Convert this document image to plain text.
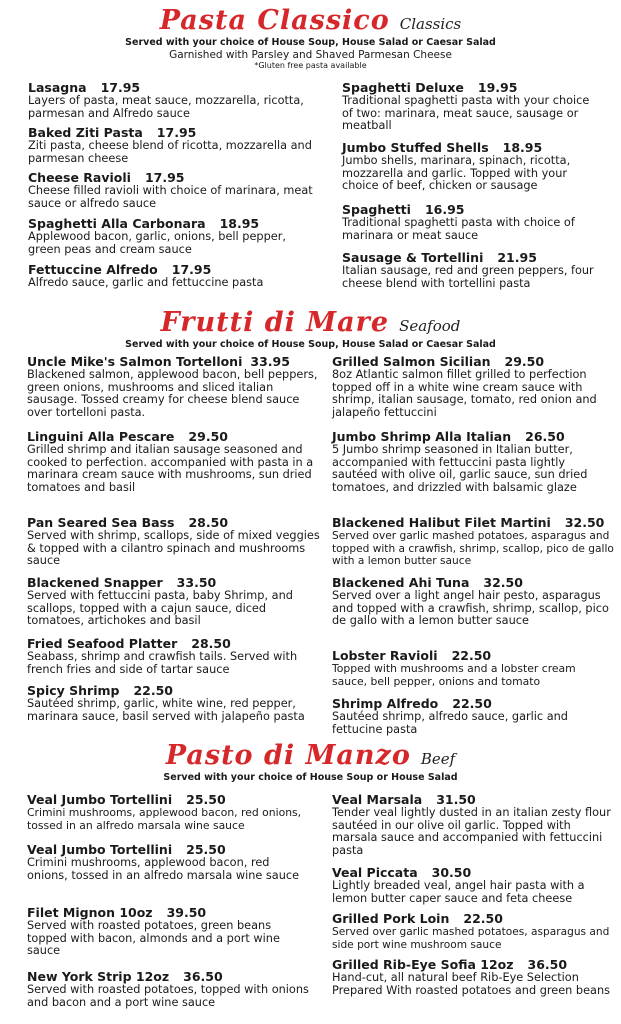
Pasta Classico Classics
Served with your choice of House Soup, House Salad or Caesar Salad
Garnished with Parsley and Shaved Parmesan Cheese
*Gluten free pasta available
Lasagna 17.95
Layers of pasta, meat sauce, mozzarella, ricotta, parmesan and Alfredo sauce
Baked Ziti Pasta 17.95
Ziti pasta, cheese blend of ricotta, mozzarella and parmesan cheese
Cheese Ravioli 17.95
Cheese filled ravioli with choice of marinara, meat sauce or alfredo sauce
Spaghetti Alla Carbonara 18.95
Applewood bacon, garlic, onions, bell pepper, green peas and cream sauce
Fettuccine Alfredo 17.95
Alfredo sauce, garlic and fettuccine pasta
Spaghetti Deluxe 19.95
Traditional spaghetti pasta with your choice of two: marinara, meat sauce, sausage or meatball
Jumbo Stuffed Shells 18.95
Jumbo shells, marinara, spinach, ricotta, mozzarella and garlic. Topped with your choice of beef, chicken or sausage
Spaghetti 16.95
Traditional spaghetti pasta with choice of marinara or meat sauce
Sausage & Tortellini 21.95
Italian sausage, red and green peppers, four cheese blend with tortellini pasta
Frutti di Mare Seafood
Served with your choice of House Soup, House Salad or Caesar Salad
Uncle Mike's Salmon Tortelloni 33.95
Blackened salmon, applewood bacon, bell peppers, green onions, mushrooms and sliced italian sausage. Tossed creamy for cheese blend sauce over tortelloni pasta.
Linguini Alla Pescare 29.50
Grilled shrimp and italian sausage seasoned and cooked to perfection. accompanied with pasta in a marinara cream sauce with mushrooms, sun dried tomatoes and basil
Pan Seared Sea Bass 28.50
Served with shrimp, scallops, side of mixed veggies & topped with a cilantro spinach and mushrooms sauce
Blackened Snapper 33.50
Served with fettuccini pasta, baby Shrimp, and scallops, topped with a cajun sauce, diced tomatoes, artichokes and basil
Fried Seafood Platter 28.50
Seabass, shrimp and crawfish tails. Served with french fries and side of tartar sauce
Spicy Shrimp 22.50
Sautéed shrimp, garlic, white wine, red pepper, marinara sauce, basil served with jalapeño pasta
Grilled Salmon Sicilian 29.50
8oz Atlantic salmon fillet grilled to perfection topped off in a white wine cream sauce with shrimp, italian sausage, tomato, red onion and jalapeño fettuccini
Jumbo Shrimp Alla Italian 26.50
5 Jumbo shrimp seasoned in Italian butter, accompanied with fettuccini pasta lightly sautéed with olive oil, garlic sauce, sun dried tomatoes, and drizzled with balsamic glaze
Blackened Halibut Filet Martini 32.50
Served over garlic mashed potatoes, asparagus and topped with a crawfish, shrimp, scallop, pico de gallo with a lemon butter sauce
Blackened Ahi Tuna 32.50
Served over a light angel hair pesto, asparagus and topped with a crawfish, shrimp, scallop, pico de gallo with a lemon butter sauce
Lobster Ravioli 22.50
Topped with mushrooms and a lobster cream sauce, bell pepper, onions and tomato
Shrimp Alfredo 22.50
Sautéed shrimp, alfredo sauce, garlic and fettucine pasta
Pasto di Manzo Beef
Served with your choice of House Soup or House Salad
Veal Jumbo Tortellini 25.50
Crimini mushrooms, applewood bacon, red onions, tossed in an alfredo marsala wine sauce
Veal Jumbo Tortellini 25.50
Crimini mushrooms, applewood bacon, red onions, tossed in an alfredo marsala wine sauce
Filet Mignon 10oz 39.50
Served with roasted potatoes, green beans topped with bacon, almonds and a port wine sauce
New York Strip 12oz 36.50
Served with roasted potatoes, topped with onions and bacon and a port wine sauce
Veal Marsala 31.50
Tender veal lightly dusted in an italian zesty flour sautéed in our olive oil garlic. Topped with marsala sauce and accompanied with fettuccini pasta
Veal Piccata 30.50
Lightly breaded veal, angel hair pasta with a lemon butter caper sauce and feta cheese
Grilled Pork Loin 22.50
Served over garlic mashed potatoes, asparagus and side port wine mushroom sauce
Grilled Rib-Eye Sofia 12oz 36.50
Hand-cut, all natural beef Rib-Eye Selection Prepared With roasted potatoes and green beans
